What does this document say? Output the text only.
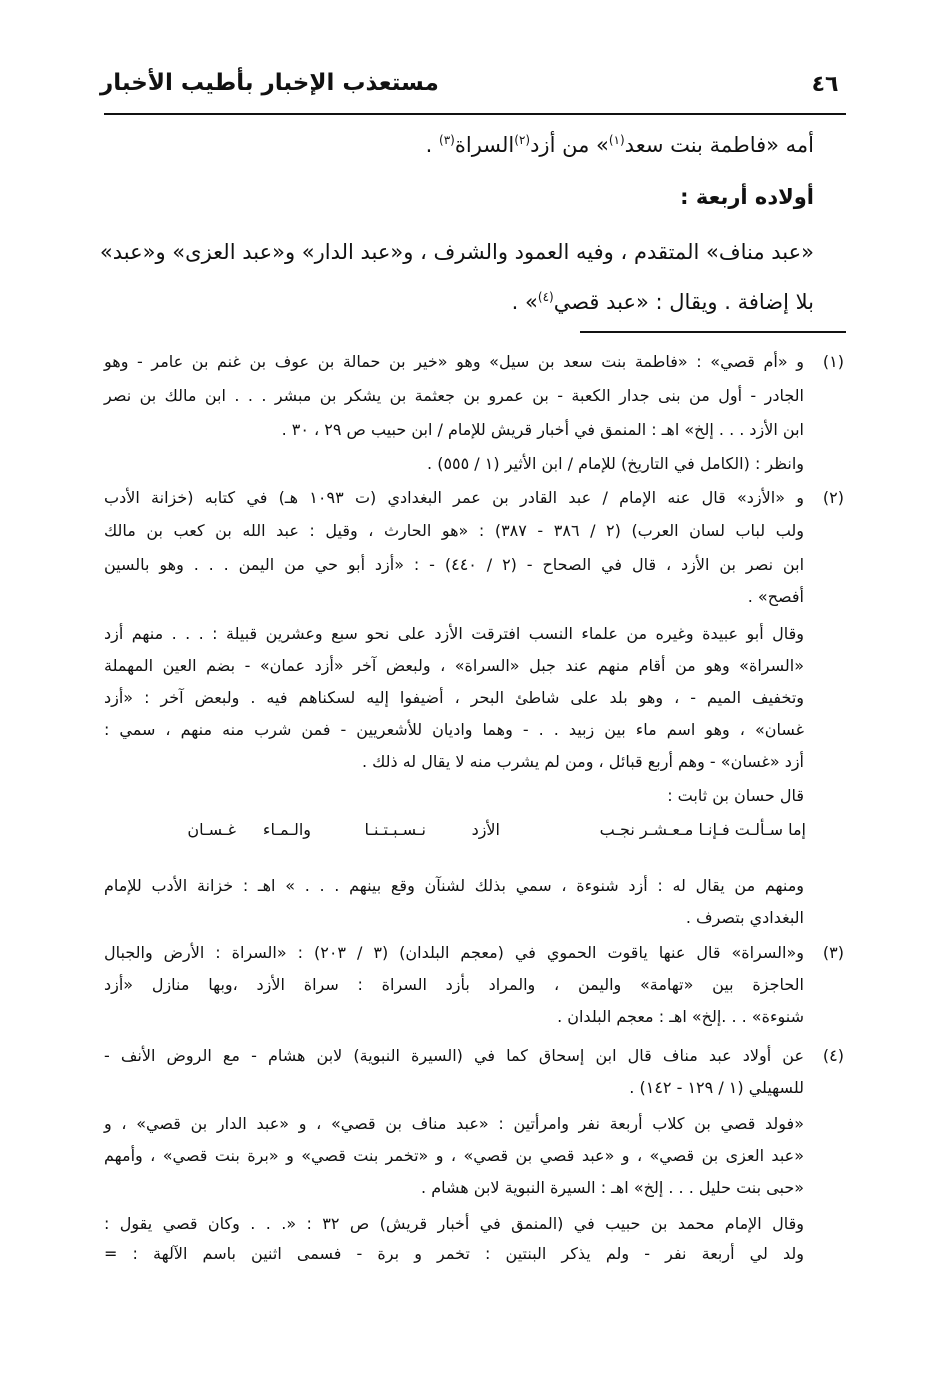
مستعذب الإخبار بأطيب الأخبار	٤٦
أمه «فاطمة بنت سعد$^{(١)}$» من أزد$^{(٢)}$السراة$^{(٣)}$ .
أولاده أربعة :
«عبد مناف» المتقدم ، وفيه العمود والشرف ، و«عبد الدار» و«عبد العزى» و«عبد»
بلا إضافة . ويقال : «عبد قصي$^{(٤)}$» .
(١)
(٢)
(٣)
(٤)
و «أم قصي» : «فاطمة بنت سعد بن سيل» وهو «خير بن حمالة بن عوف بن غنم بن عامر - وهو
الجادر - أول من بنى جدار الكعبة - بن عمرو بن جعثمة بن يشكر بن مبشر . . . ابن مالك بن نصر
ابن الأزد . . . إلخ» اهـ : المنمق في أخبار قريش للإمام / ابن حبيب ص ٢٩ ، ٣٠ .
وانظر : (الكامل في التاريخ) للإمام / ابن الأثير (١ / ٥٥٥) .
و «الأزد» قال عنه الإمام / عبد القادر بن عمر البغدادي (ت ١٠٩٣ هـ) في كتابه (خزانة الأدب
ولب لباب لسان العرب) (٢ / ٣٨٦ - ٣٨٧) : «هو الحارث ، وقيل : عبد الله بن كعب بن مالك
ابن نصر بن الأزد ، قال في الصحاح - (٢ / ٤٤٠) - : «أزد أبو حي من اليمن . . . وهو بالسين
أفصح» .
وقال أبو عبيدة وغيره من علماء النسب افترقت الأزد على نحو سبع وعشرين قبيلة : . . . منهم أزد
«السراة» وهو من أقام منهم عند جبل «السراة» ، ولبعض آخر «أزد عمان» - بضم العين المهملة
وتخفيف الميم - ، وهو بلد على شاطئ البحر ، أضيفوا إليه لسكناهم فيه . ولبعض آخر : «أزد
غسان» ، وهو اسم ماء بين زبيد . . - وهما واديان للأشعريين - فمن شرب منه منهم ، سمي :
أزد «غسان» - وهم أربع قبائل ، ومن لم يشرب منه لا يقال له ذلك .
قال حسان بن ثابت :
إما سـألـت فـإنـا مـعـشـر نجـب
الأزد
نـسـبـتـنـا
والـمـاء
غـسـان
ومنهم من يقال له : أزد شنوءة ، سمي بذلك لشنآن وقع بينهم . . . » اهـ : خزانة الأدب للإمام
البغدادي بتصرف .
و«السراة» قال عنها ياقوت الحموي في (معجم البلدان) (٣ / ٢٠٣) : «السراة : الأرض والجبال
الحاجزة بين «تهامة» واليمن ، والمراد بأزد السراة : سراة الأزد ،وبها منازل «أزد
شنوءة» . . .إلخ» اهـ : معجم البلدان .
عن أولاد عبد مناف قال ابن إسحاق كما في (السيرة النبوية) لابن هشام - مع الروض الأنف -
للسهيلي (١ / ١٢٩ - ١٤٢) .
«فولد قصي بن كلاب أربعة نفر وامرأتين : «عبد مناف بن قصي» ، و «عبد الدار بن قصي» ، و
«عبد العزى بن قصي» ، و «عبد قصي بن قصي» ، و «تخمر بنت قصي» و «برة بنت قصي» ، وأمهم
«حبى بنت حليل . . . إلخ» اهـ : السيرة النبوية لابن هشام .
وقال الإمام محمد بن حبيب في (المنمق في أخبار قريش) ص ٣٢ : «. . . وكان قصي يقول :
ولد لي أربعة نفر - ولم يذكر البنتين : تخمر و برة - فسمى اثنين باسم الآلهة : =
